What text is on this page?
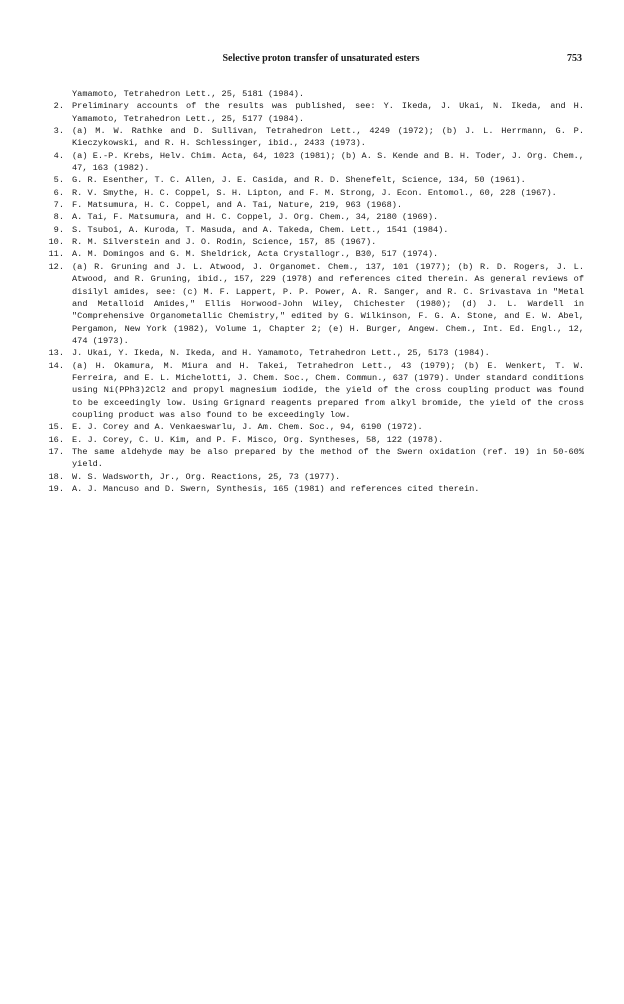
Selective proton transfer of unsaturated esters	753
Yamamoto, Tetrahedron Lett., 25, 5181 (1984).
2. Preliminary accounts of the results was published, see: Y. Ikeda, J. Ukai, N. Ikeda, and H. Yamamoto, Tetrahedron Lett., 25, 5177 (1984).
3. (a) M. W. Rathke and D. Sullivan, Tetrahedron Lett., 4249 (1972); (b) J. L. Herrmann, G. P. Kieczykowski, and R. H. Schlessinger, ibid., 2433 (1973).
4. (a) E.-P. Krebs, Helv. Chim. Acta, 64, 1023 (1981); (b) A. S. Kende and B. H. Toder, J. Org. Chem., 47, 163 (1982).
5. G. R. Esenther, T. C. Allen, J. E. Casida, and R. D. Shenefelt, Science, 134, 50 (1961).
6. R. V. Smythe, H. C. Coppel, S. H. Lipton, and F. M. Strong, J. Econ. Entomol., 60, 228 (1967).
7. F. Matsumura, H. C. Coppel, and A. Tai, Nature, 219, 963 (1968).
8. A. Tai, F. Matsumura, and H. C. Coppel, J. Org. Chem., 34, 2180 (1969).
9. S. Tsuboi, A. Kuroda, T. Masuda, and A. Takeda, Chem. Lett., 1541 (1984).
10. R. M. Silverstein and J. O. Rodin, Science, 157, 85 (1967).
11. A. M. Domingos and G. M. Sheldrick, Acta Crystallogr., B30, 517 (1974).
12. (a) R. Gruning and J. L. Atwood, J. Organomet. Chem., 137, 101 (1977); (b) R. D. Rogers, J. L. Atwood, and R. Gruning, ibid., 157, 229 (1978) and references cited therein. As general reviews of disilyl amides, see: (c) M. F. Lappert, P. P. Power, A. R. Sanger, and R. C. Srivastava in "Metal and Metalloid Amides," Ellis Horwood-John Wiley, Chichester (1980); (d) J. L. Wardell in "Comprehensive Organometallic Chemistry," edited by G. Wilkinson, F. G. A. Stone, and E. W. Abel, Pergamon, New York (1982), Volume 1, Chapter 2; (e) H. Burger, Angew. Chem., Int. Ed. Engl., 12, 474 (1973).
13. J. Ukai, Y. Ikeda, N. Ikeda, and H. Yamamoto, Tetrahedron Lett., 25, 5173 (1984).
14. (a) H. Okamura, M. Miura and H. Takei, Tetrahedron Lett., 43 (1979); (b) E. Wenkert, T. W. Ferreira, and E. L. Michelotti, J. Chem. Soc., Chem. Commun., 637 (1979). Under standard conditions using Ni(PPh3)2Cl2 and propyl magnesium iodide, the yield of the cross coupling product was found to be exceedingly low. Using Grignard reagents prepared from alkyl bromide, the yield of the cross coupling product was also found to be exceedingly low.
15. E. J. Corey and A. Venkaeswarlu, J. Am. Chem. Soc., 94, 6190 (1972).
16. E. J. Corey, C. U. Kim, and P. F. Misco, Org. Syntheses, 58, 122 (1978).
17. The same aldehyde may be also prepared by the method of the Swern oxidation (ref. 19) in 50-60% yield.
18. W. S. Wadsworth, Jr., Org. Reactions, 25, 73 (1977).
19. A. J. Mancuso and D. Swern, Synthesis, 165 (1981) and references cited therein.
